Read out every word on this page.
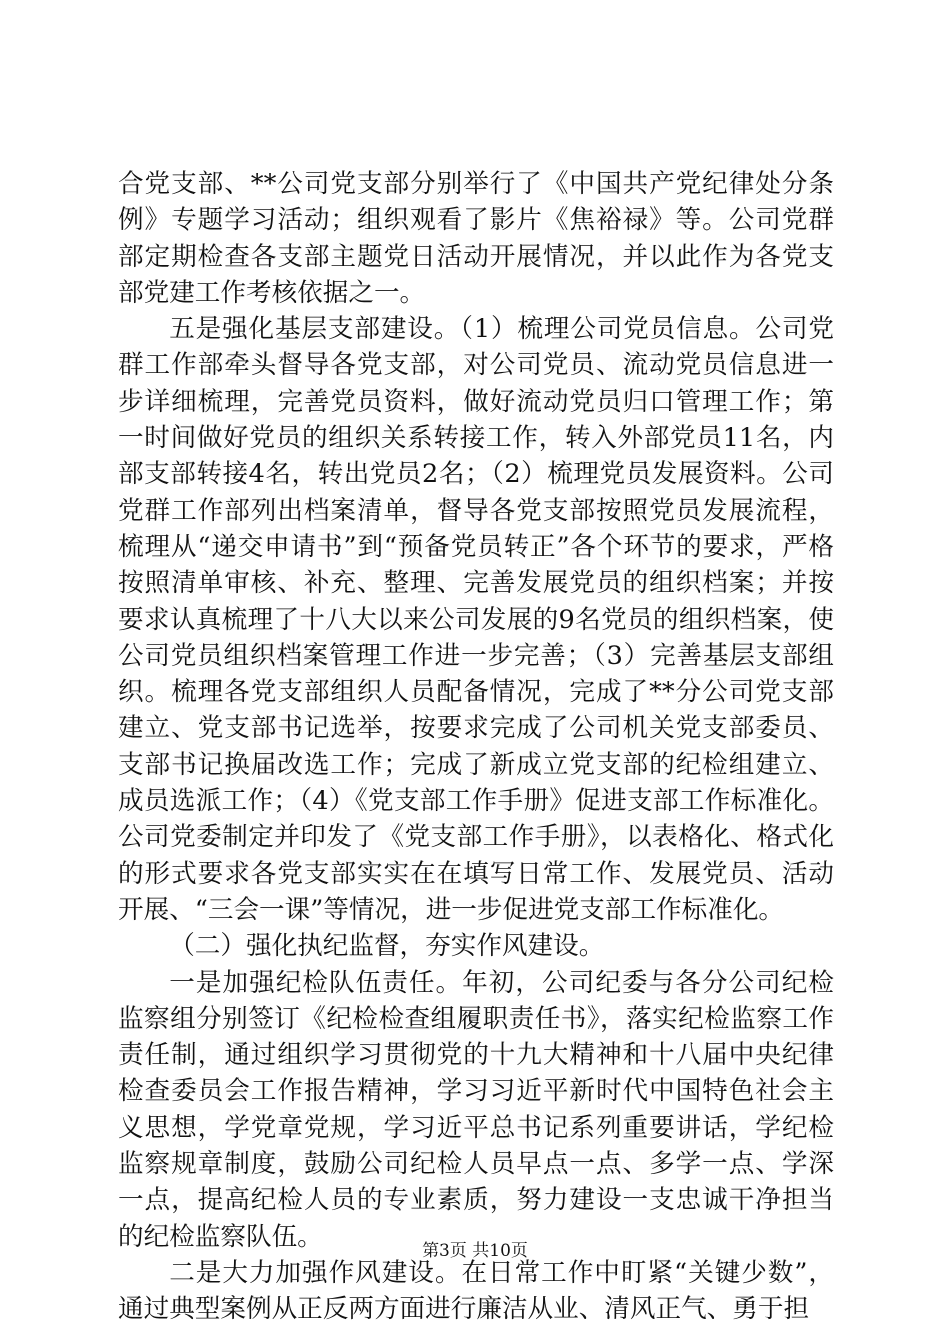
合党支部、**公司党支部分别举行了《中国共产党纪律处分条例》专题学习活动；组织观看了影片《焦裕禄》等。公司党群部定期检查各支部主题党日活动开展情况，并以此作为各党支部党建工作考核依据之一。

五是强化基层支部建设。（1）梳理公司党员信息。公司党群工作部牵头督导各党支部，对公司党员、流动党员信息进一步详细梳理，完善党员资料，做好流动党员归口管理工作；第一时间做好党员的组织关系转接工作，转入外部党员11名，内部支部转接4名，转出党员2名；（2）梳理党员发展资料。公司党群工作部列出档案清单，督导各党支部按照党员发展流程，梳理从“递交申请书”到“预备党员转正”各个环节的要求，严格按照清单审核、补充、整理、完善发展党员的组织档案；并按要求认真梳理了十八大以来公司发展的9名党员的组织档案，使公司党员组织档案管理工作进一步完善；（3）完善基层支部组织。梳理各党支部组织人员配备情况，完成了**分公司党支部建立、党支部书记选举，按要求完成了公司机关党支部委员、支部书记换届改选工作；完成了新成立党支部的纪检组建立、成员选派工作；（4）《党支部工作手册》促进支部工作标准化。公司党委制定并印发了《党支部工作手册》，以表格化、格式化的形式要求各党支部实实在在填写日常工作、发展党员、活动开展、“三会一课”等情况，进一步促进党支部工作标准化。

（二）强化执纪监督，夯实作风建设。

一是加强纪检队伍责任。年初，公司纪委与各分公司纪检监察组分别签订《纪检检查组履职责任书》，落实纪检监察工作责任制，通过组织学习贯彻党的十九大精神和十八届中央纪律检查委员会工作报告精神，学习习近平新时代中国特色社会主义思想，学党章党规，学习近平总书记系列重要讲话，学纪检监察规章制度，鼓励公司纪检人员早点一点、多学一点、学深一点，提高纪检人员的专业素质，努力建设一支忠诚干净担当的纪检监察队伍。

二是大力加强作风建设。在日常工作中盯紧“关键少数”，通过典型案例从正反两方面进行廉洁从业、清风正气、勇于担

第3页 共10页
